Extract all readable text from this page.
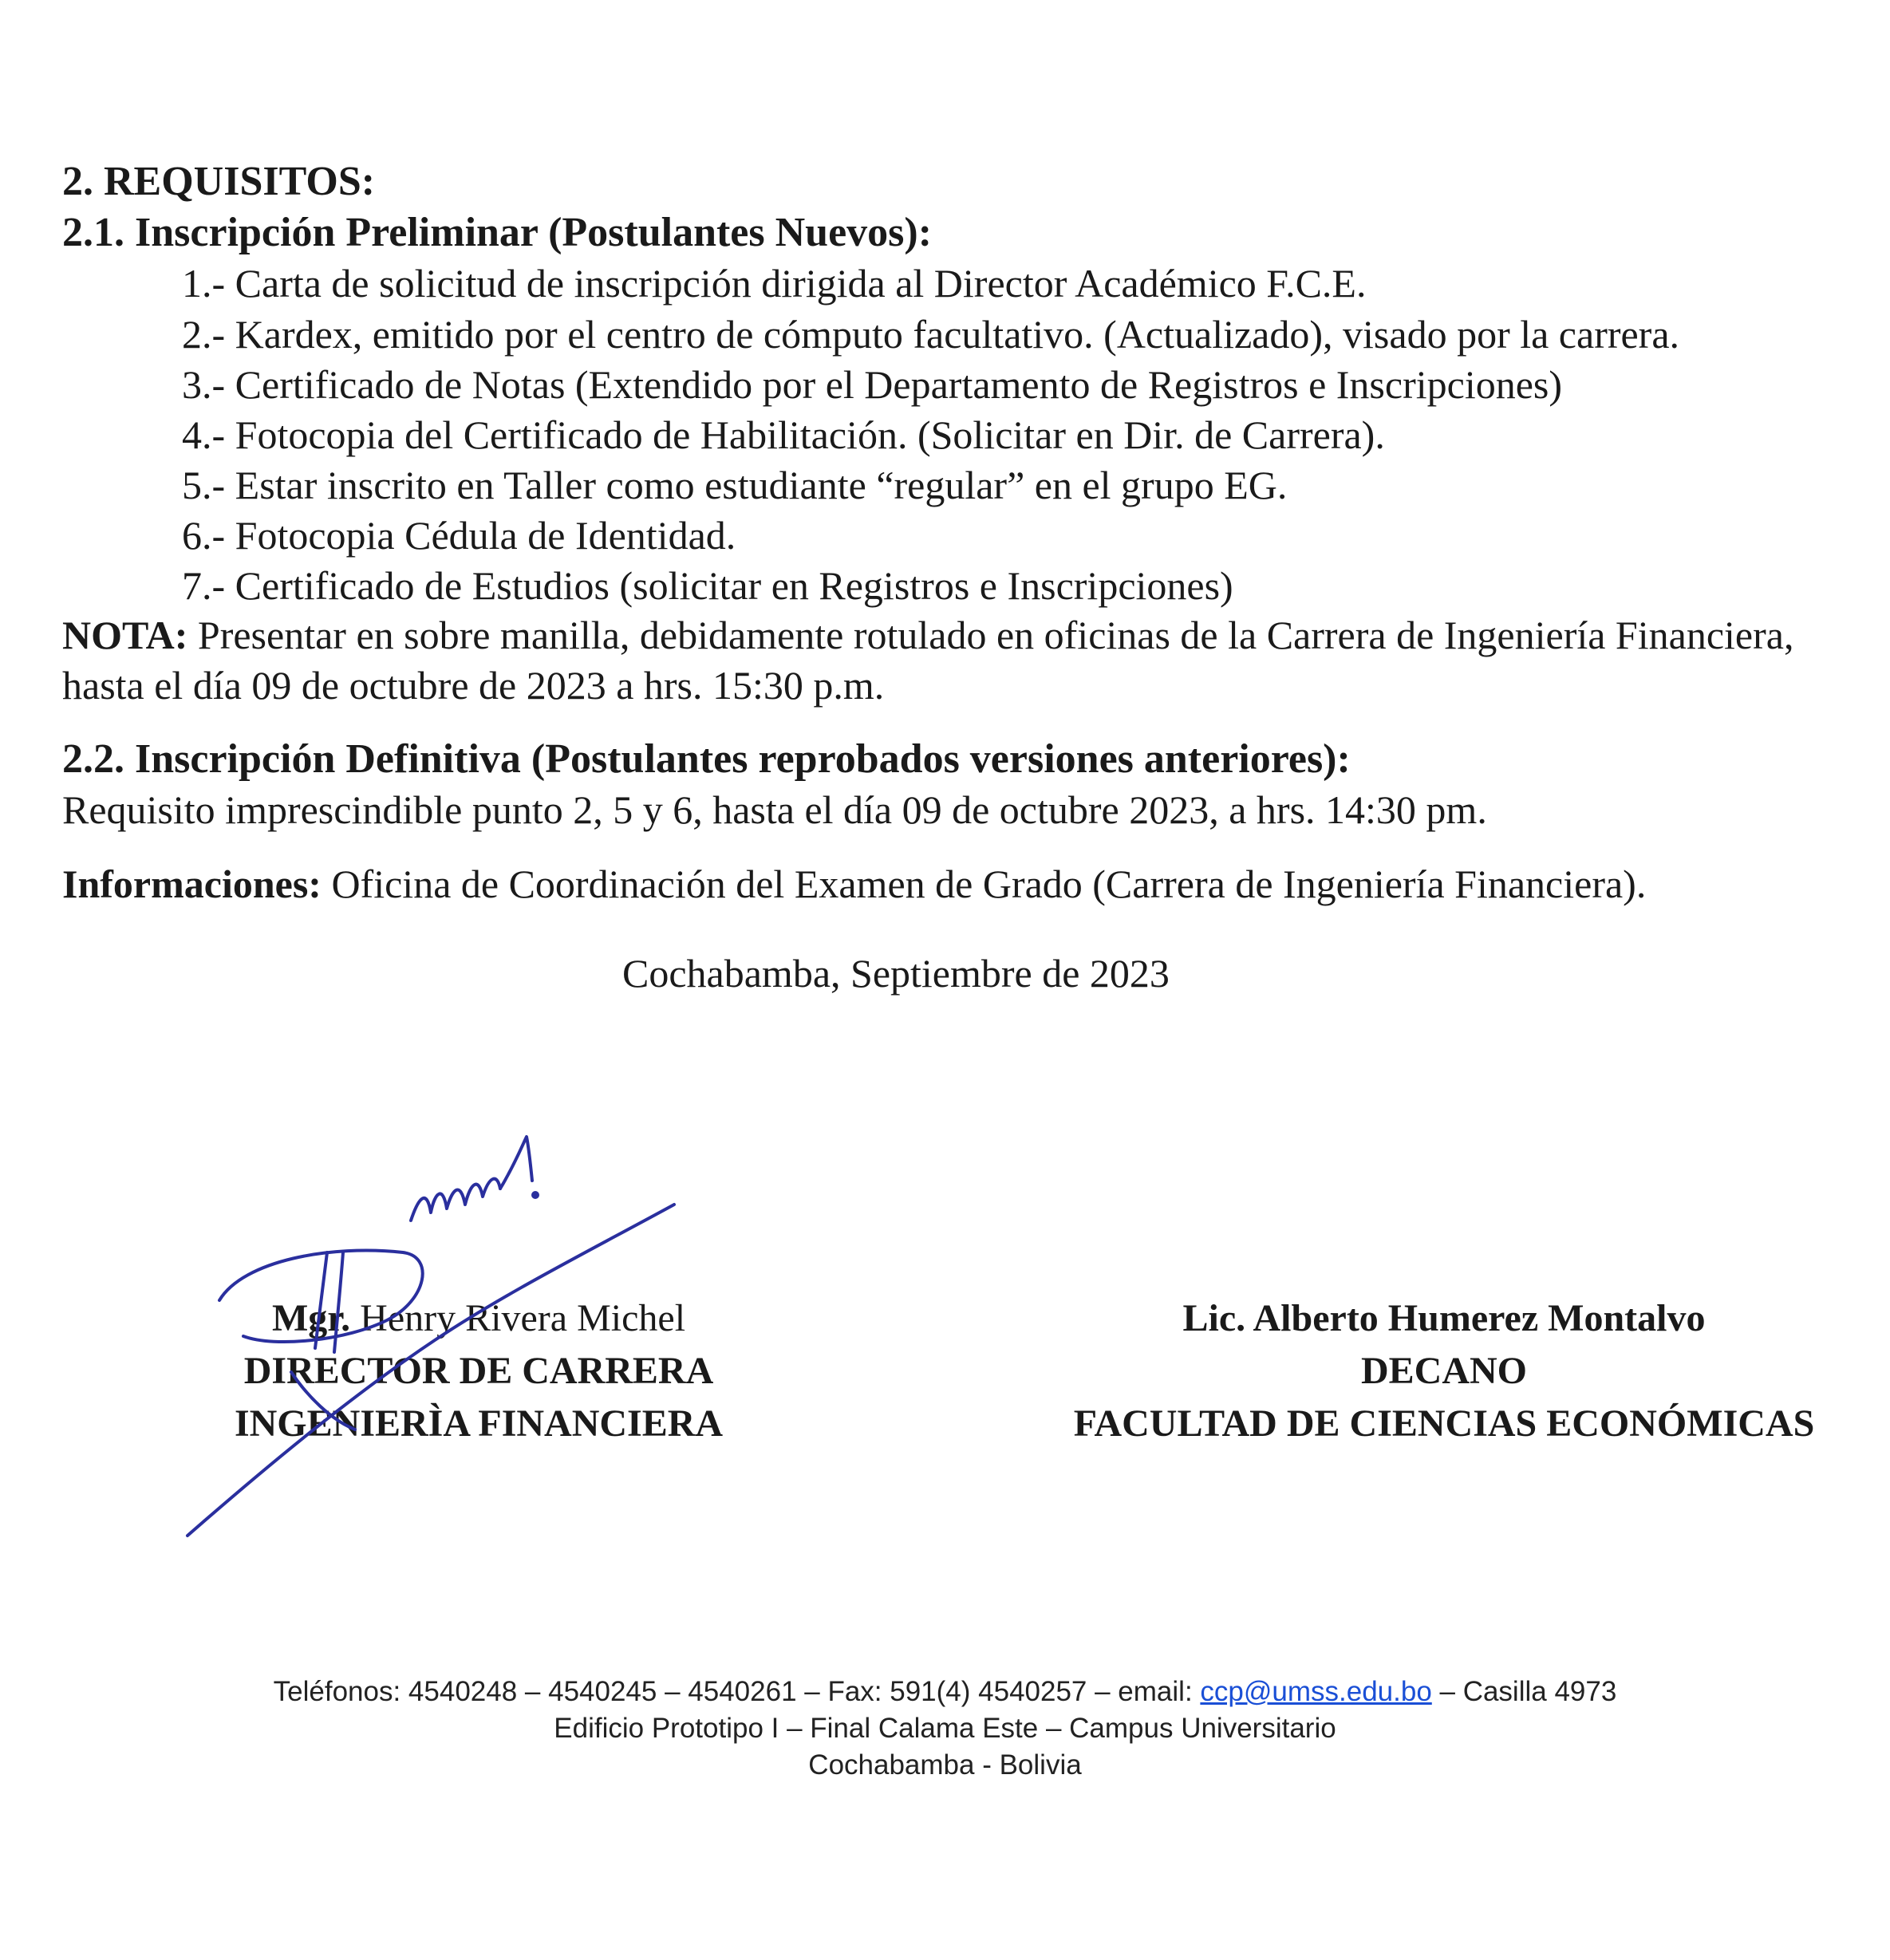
2. REQUISITOS:
2.1. Inscripción Preliminar (Postulantes Nuevos):
1.- Carta de solicitud de inscripción dirigida al Director Académico F.C.E.
2.- Kardex, emitido por el centro de cómputo facultativo. (Actualizado), visado por la carrera.
3.- Certificado de Notas (Extendido por el Departamento de Registros e Inscripciones)
4.- Fotocopia del Certificado de Habilitación. (Solicitar en Dir. de Carrera).
5.- Estar inscrito en Taller como estudiante “regular” en el grupo EG.
6.- Fotocopia Cédula de Identidad.
7.- Certificado de Estudios (solicitar en Registros e Inscripciones)
NOTA: Presentar en sobre manilla, debidamente rotulado en oficinas de la Carrera de Ingeniería Financiera,
hasta el día 09 de octubre de 2023 a hrs. 15:30 p.m.
2.2. Inscripción Definitiva (Postulantes reprobados versiones anteriores):
Requisito imprescindible punto 2, 5 y 6, hasta el día 09 de octubre 2023, a hrs. 14:30 pm.
Informaciones: Oficina de Coordinación del Examen de Grado (Carrera de Ingeniería Financiera).
Cochabamba, Septiembre de 2023
Mgr. Henry Rivera Michel
DIRECTOR DE CARRERA
INGENIERÌA FINANCIERA
Lic. Alberto Humerez Montalvo
DECANO
FACULTAD DE CIENCIAS ECONÓMICAS
Teléfonos: 4540248 – 4540245 – 4540261 – Fax: 591(4) 4540257 – email: ccp@umss.edu.bo – Casilla 4973
Edificio Prototipo I – Final Calama Este – Campus Universitario
Cochabamba - Bolivia
